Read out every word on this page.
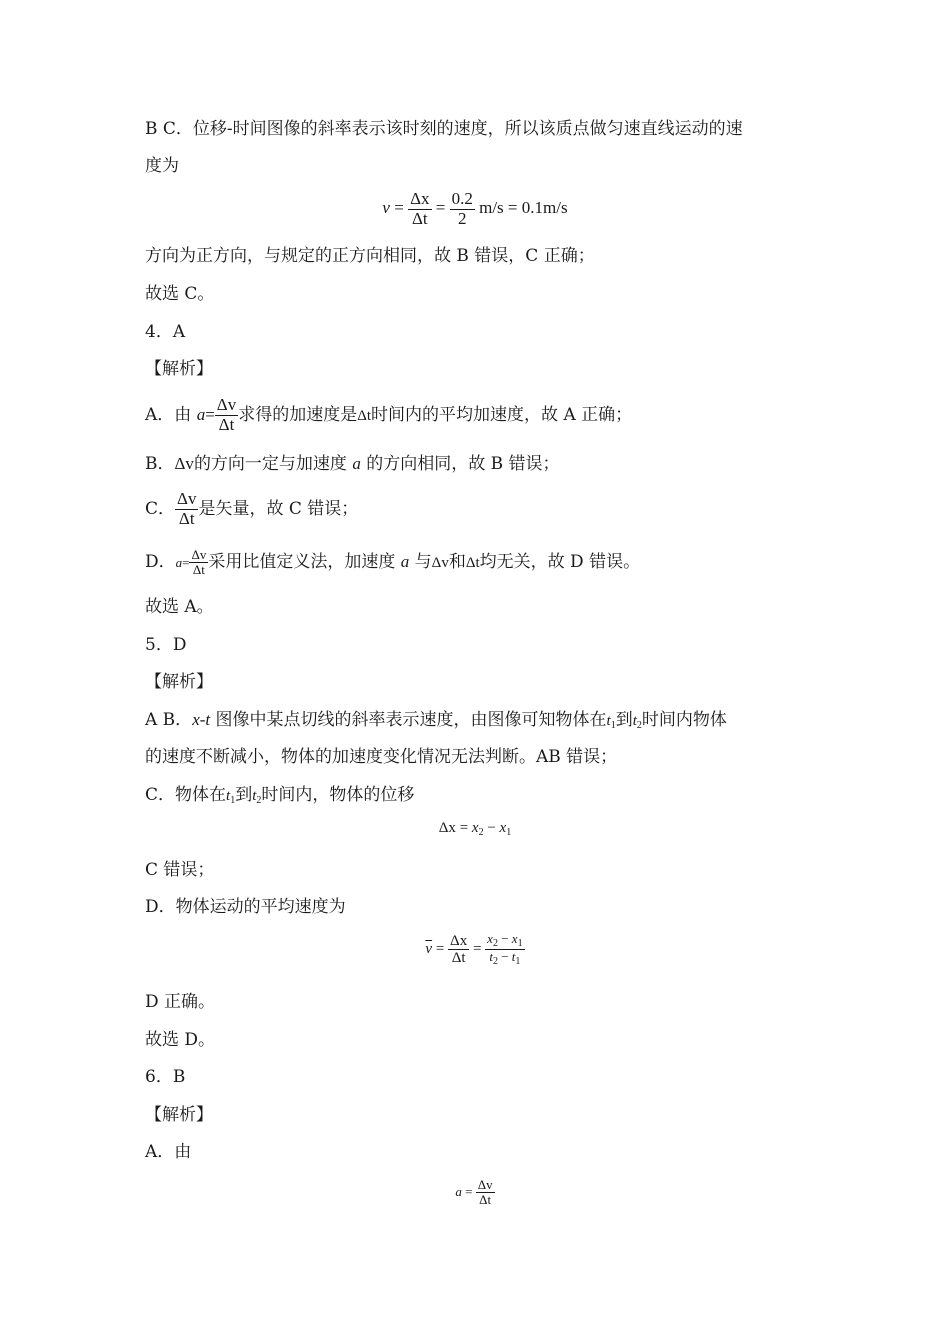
B C．位移-时间图像的斜率表示该时刻的速度，所以该质点做匀速直线运动的速
度为
$v = \frac{\Delta x}{\Delta t} = \frac{0.2}{2} m/s = 0.1m/s$
方向为正方向，与规定的正方向相同，故 B 错误，C 正确；
故选 C。
4．A
【解析】
A．由 $a= \frac{\Delta v}{\Delta t}$ 求得的加速度是Δt时间内的平均加速度，故 A 正确；
B．Δv的方向一定与加速度 a 的方向相同，故 B 错误；
C． $\frac{\Delta v}{\Delta t}$ 是矢量，故 C 错误；
D．$a= \frac{\Delta v}{\Delta t}$ 采用比值定义法，加速度 a 与Δv和Δt均无关，故 D 错误。
故选 A。
5．D
【解析】
A B．x-t 图像中某点切线的斜率表示速度，由图像可知物体在$t_1$到$t_2$时间内物体
的速度不断减小，物体的加速度变化情况无法判断。AB 错误；
C．物体在$t_1$到$t_2$时间内，物体的位移
$\Delta x = x_2 - x_1$
C 错误；
D．物体运动的平均速度为
$\overline{v} = \frac{\Delta x}{\Delta t} = \frac{x_2 - x_1}{t_2 - t_1}$
D 正确。
故选 D。
6．B
【解析】
A．由
$a = \frac{\Delta v}{\Delta t}$
